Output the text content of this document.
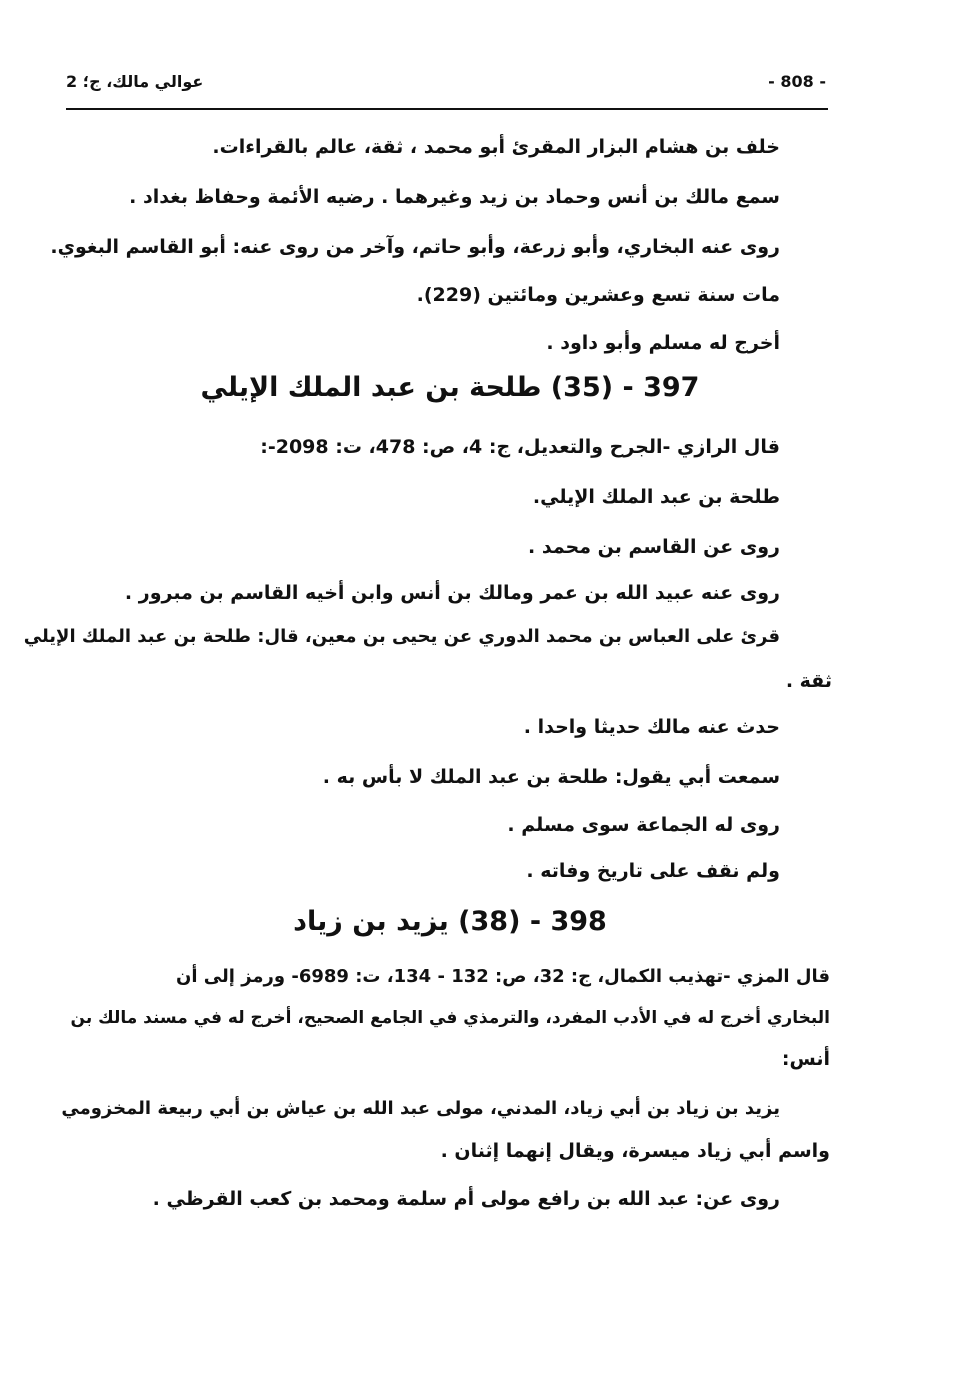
عوالي مالك، ج؛ 2	- 808 -
خلف بن هشام البزار المقرئ أبو محمد ، ثقة، عالم بالقراءات.
سمع مالك بن أنس وحماد بن زيد وغيرهما . رضيه الأئمة وحفاظ بغداد .
روى عنه البخاري، وأبو زرعة، وأبو حاتم، وآخر من روى عنه: أبو القاسم البغوي.
مات سنة تسع وعشرين ومائتين (229).
أخرج له مسلم وأبو داود .
397 - (35) طلحة بن عبد الملك الإيلي
قال الرازي -الجرح والتعديل، ج: 4، ص: 478، ت: 2098-:
طلحة بن عبد الملك الإيلي.
روى عن القاسم بن محمد .
روى عنه عبيد الله بن عمر ومالك بن أنس وابن أخيه القاسم بن مبرور .
قرئ على العباس بن محمد الدوري عن يحيى بن معين، قال: طلحة بن عبد الملك الإيلي
ثقة .
حدث عنه مالك حديثا واحدا .
سمعت أبي يقول: طلحة بن عبد الملك لا بأس به .
روى له الجماعة سوى مسلم .
ولم نقف على تاريخ وفاته .
398 - (38) يزيد بن زياد
قال المزي -تهذيب الكمال، ج: 32، ص: 132 - 134، ت: 6989- ورمز إلى أن
البخاري أخرج له في الأدب المفرد، والترمذي في الجامع الصحيح، أخرج له في مسند مالك بن
أنس:
يزيد بن زياد بن أبي زياد، المدني، مولى عبد الله بن عياش بن أبي ربيعة المخزومي
واسم أبي زياد ميسرة، ويقال إنهما إثنان .
روى عن: عبد الله بن رافع مولى أم سلمة ومحمد بن كعب القرظي .
